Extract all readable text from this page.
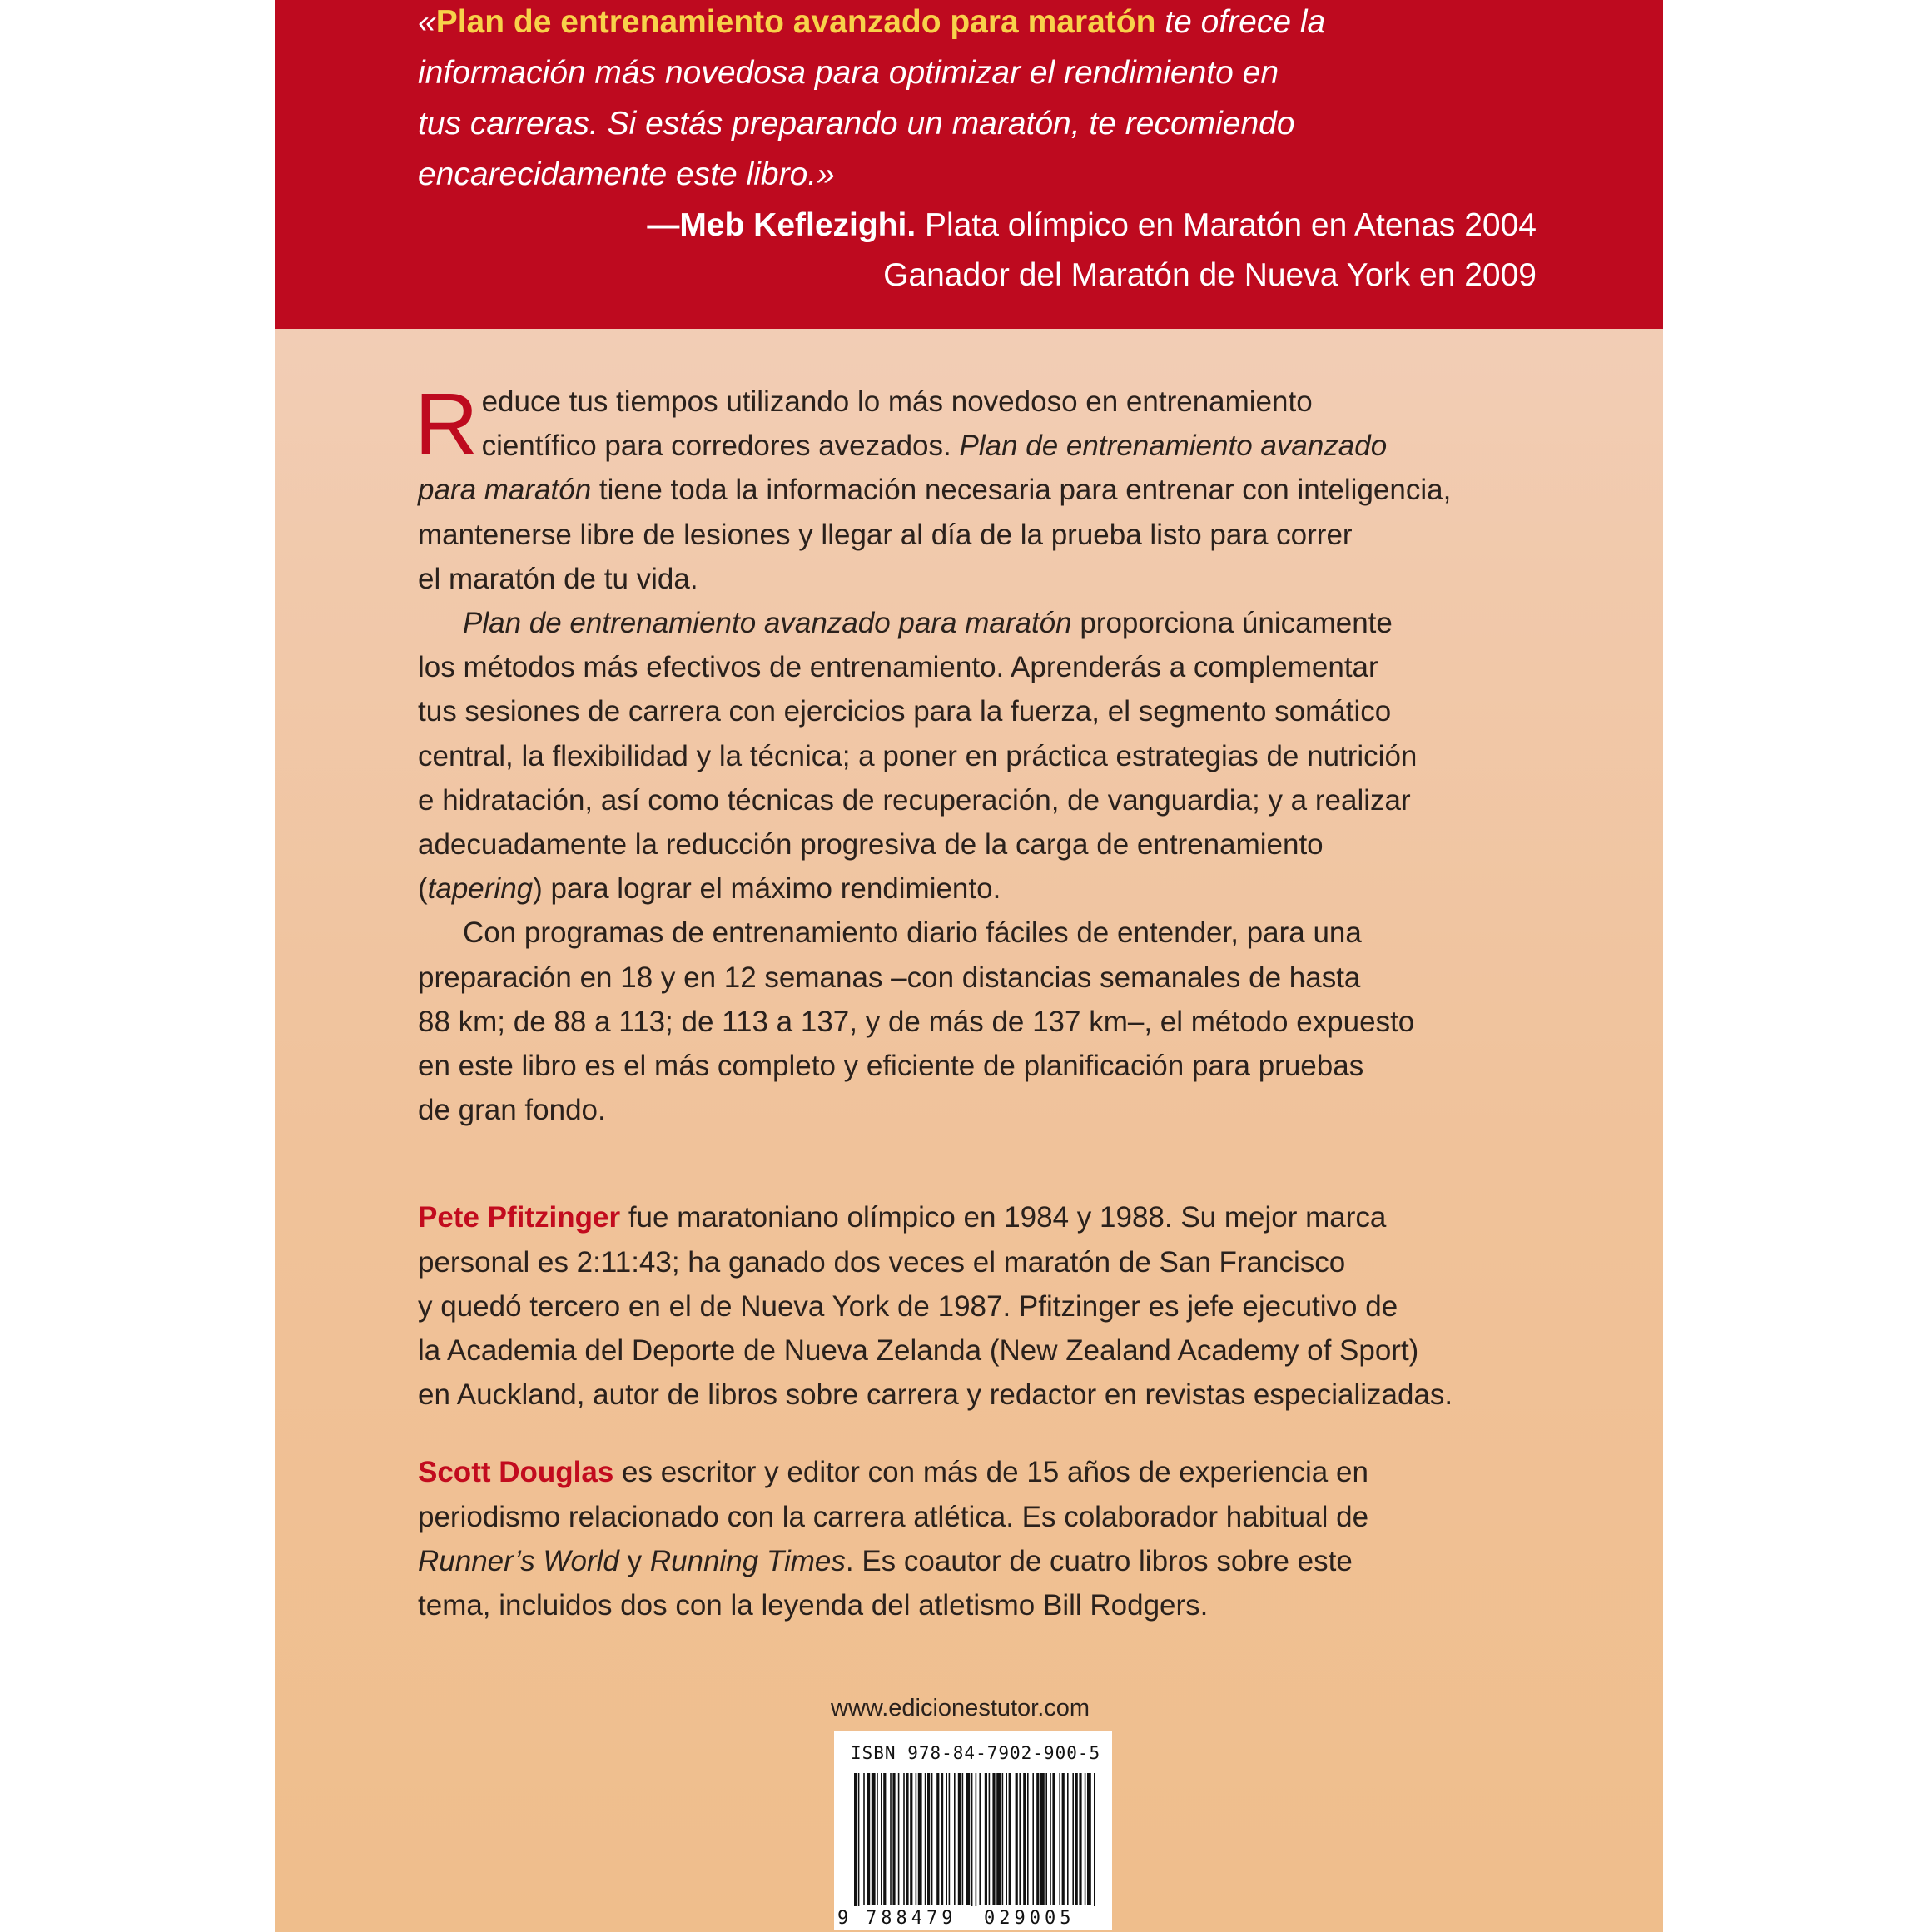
«Plan de entrenamiento avanzado para maratón te ofrece la
información más novedosa para optimizar el rendimiento en
tus carreras. Si estás preparando un maratón, te recomiendo
encarecidamente este libro.»
—Meb Keflezighi. Plata olímpico en Maratón en Atenas 2004
Ganador del Maratón de Nueva York en 2009
R educe tus tiempos utilizando lo más novedoso en entrenamiento
científico para corredores avezados. Plan de entrenamiento avanzado
para maratón tiene toda la información necesaria para entrenar con inteligencia,
mantenerse libre de lesiones y llegar al día de la prueba listo para correr
el maratón de tu vida.
Plan de entrenamiento avanzado para maratón proporciona únicamente
los métodos más efectivos de entrenamiento. Aprenderás a complementar
tus sesiones de carrera con ejercicios para la fuerza, el segmento somático
central, la flexibilidad y la técnica; a poner en práctica estrategias de nutrición
e hidratación, así como técnicas de recuperación, de vanguardia; y a realizar
adecuadamente la reducción progresiva de la carga de entrenamiento
(tapering) para lograr el máximo rendimiento.
Con programas de entrenamiento diario fáciles de entender, para una
preparación en 18 y en 12 semanas –con distancias semanales de hasta
88 km; de 88 a 113; de 113 a 137, y de más de 137 km–, el método expuesto
en este libro es el más completo y eficiente de planificación para pruebas
de gran fondo.
Pete Pfitzinger fue maratoniano olímpico en 1984 y 1988. Su mejor marca
personal es 2:11:43; ha ganado dos veces el maratón de San Francisco
y quedó tercero en el de Nueva York de 1987. Pfitzinger es jefe ejecutivo de
la Academia del Deporte de Nueva Zelanda (New Zealand Academy of Sport)
en Auckland, autor de libros sobre carrera y redactor en revistas especializadas.
Scott Douglas es escritor y editor con más de 15 años de experiencia en
periodismo relacionado con la carrera atlética. Es colaborador habitual de
Runner’s World y Running Times. Es coautor de cuatro libros sobre este
tema, incluidos dos con la leyenda del atletismo Bill Rodgers.
www.edicionestutor.com
ISBN 978-84-7902-900-5
9 788479 029005
